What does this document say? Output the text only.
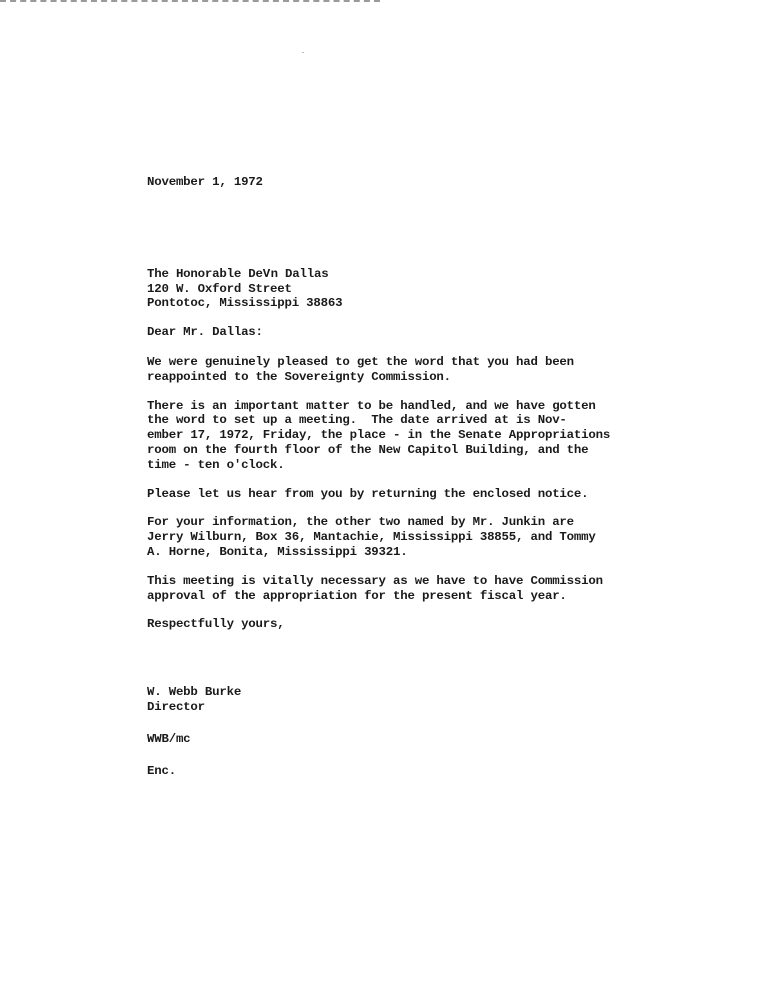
November 1, 1972
The Honorable DeV n Dallas
120 W. Oxford Street
Pontotoc, Mississippi 38863
Dear Mr. Dallas:
We were genuinely pleased to get the word that you had been
reappointed to the Sovereignty Commission.
There is an important matter to be handled, and we have gotten
the word to set up a meeting.  The date arrived at is Nov-
ember 17, 1972, Friday, the place - in the Senate Appropriations
room on the fourth floor of the New Capitol Building, and the
time - ten o'clock.
Please let us hear from you by returning the enclosed notice.
For your information, the other two named by Mr. Junkin are
Jerry Wilburn, Box 36, Mantachie, Mississippi 38855, and Tommy
A. Horne, Bonita, Mississippi 39321.
This meeting is vitally necessary as we have to have Commission
approval of the appropriation for the present fiscal year.
Respectfully yours,
W. Webb Burke
Director
WWB/mc
Enc.
